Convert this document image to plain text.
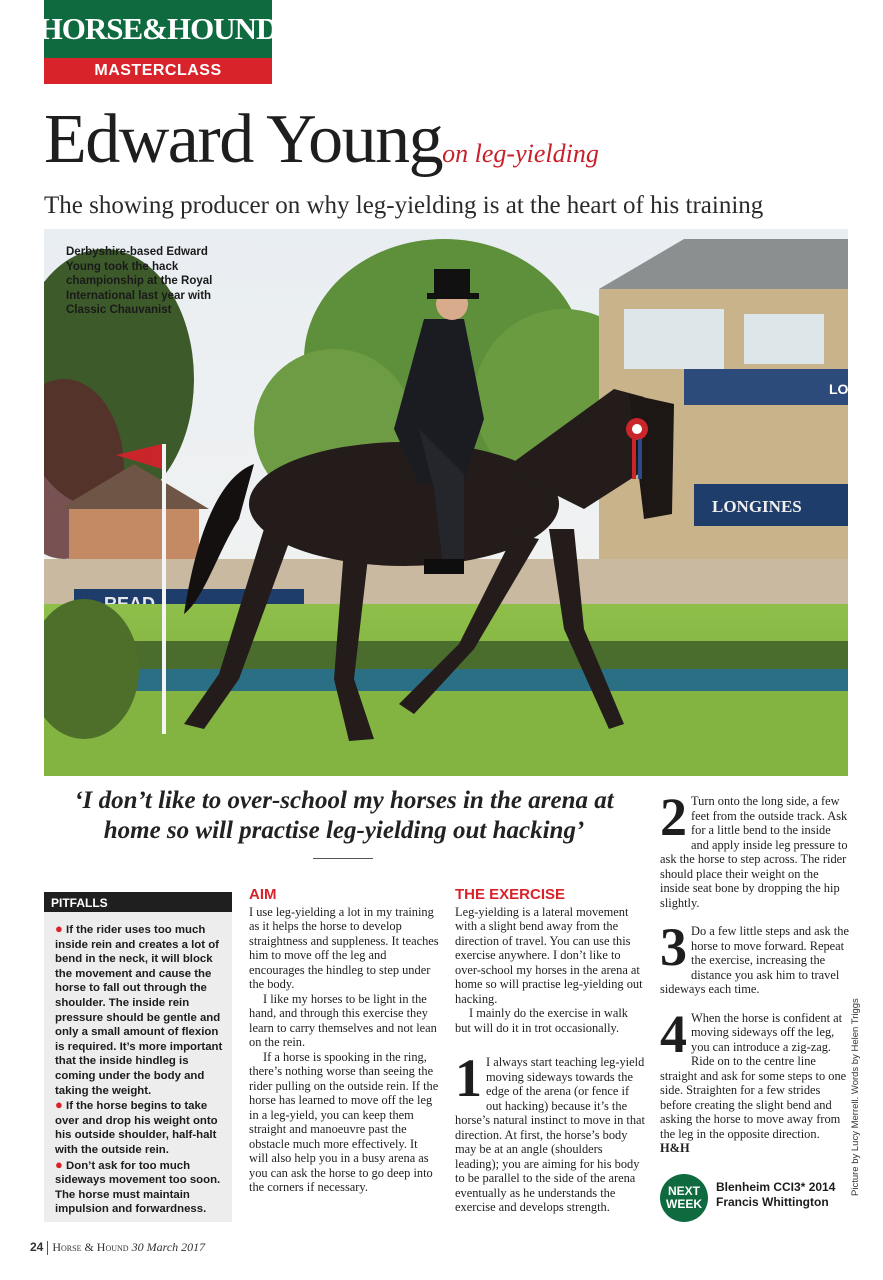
HORSE&HOUND
MASTERCLASS
Edward Youngon leg-yielding
The showing producer on why leg-yielding is at the heart of his training
LO
LONGINES
Derbyshire-based Edward Young took the hack championship at the Royal International last year with Classic Chauvanist
‘I don’t like to over-school my horses in the arena at home so will practise leg-yielding out hacking’
PITFALLS

● If the rider uses too much inside rein and creates a lot of bend in the neck, it will block the movement and cause the horse to fall out through the shoulder. The inside rein pressure should be gentle and only a small amount of flexion is required. It’s more important that the inside hindleg is coming under the body and taking the weight.

● If the horse begins to take over and drop his weight onto his outside shoulder, half-halt with the outside rein.

● Don’t ask for too much sideways movement too soon. The horse must maintain impulsion and forwardness.

AIM

I use leg-yielding a lot in my training as it helps the horse to develop straightness and suppleness. It teaches him to move off the leg and encourages the hindleg to step under the body.

I like my horses to be light in the hand, and through this exercise they learn to carry themselves and not lean on the rein.

If a horse is spooking in the ring, there’s nothing worse than seeing the rider pulling on the outside rein. If the horse has learned to move off the leg in a leg-yield, you can keep them straight and manoeuvre past the obstacle much more effectively. It will also help you in a busy arena as you can ask the horse to go deep into the corners if necessary.

THE EXERCISE

Leg-yielding is a lateral movement with a slight bend away from the direction of travel. You can use this exercise anywhere. I don’t like to over-school my horses in the arena at home so will practise leg-yielding out hacking.

I mainly do the exercise in walk but will do it in trot occasionally.

1 I always start teaching leg-yield moving sideways towards the edge of the arena (or fence if out hacking) because it’s the horse’s natural instinct to move in that direction. At first, the horse’s body may be at an angle (shoulders leading); you are aiming for his body to be parallel to the side of the arena eventually as he understands the exercise and develops strength.
2 Turn onto the long side, a few feet from the outside track. Ask for a little bend to the inside and apply inside leg pressure to ask the horse to step across. The rider should place their weight on the inside seat bone by dropping the hip slightly.
3 Do a few little steps and ask the horse to move forward. Repeat the exercise, increasing the distance you ask him to travel sideways each time.
4 When the horse is confident at moving sideways off the leg, you can introduce a zig-zag. Ride on to the centre line straight and ask for some steps to one side. Straighten for a few strides before creating the slight bend and asking the horse to move away from the leg in the opposite direction. H&H
NEXT
WEEK
Blenheim CCI3* 2014 Francis Whittington
Picture by Lucy Merrell. Words by Helen Triggs
24 Horse & Hound 30 March 2017
